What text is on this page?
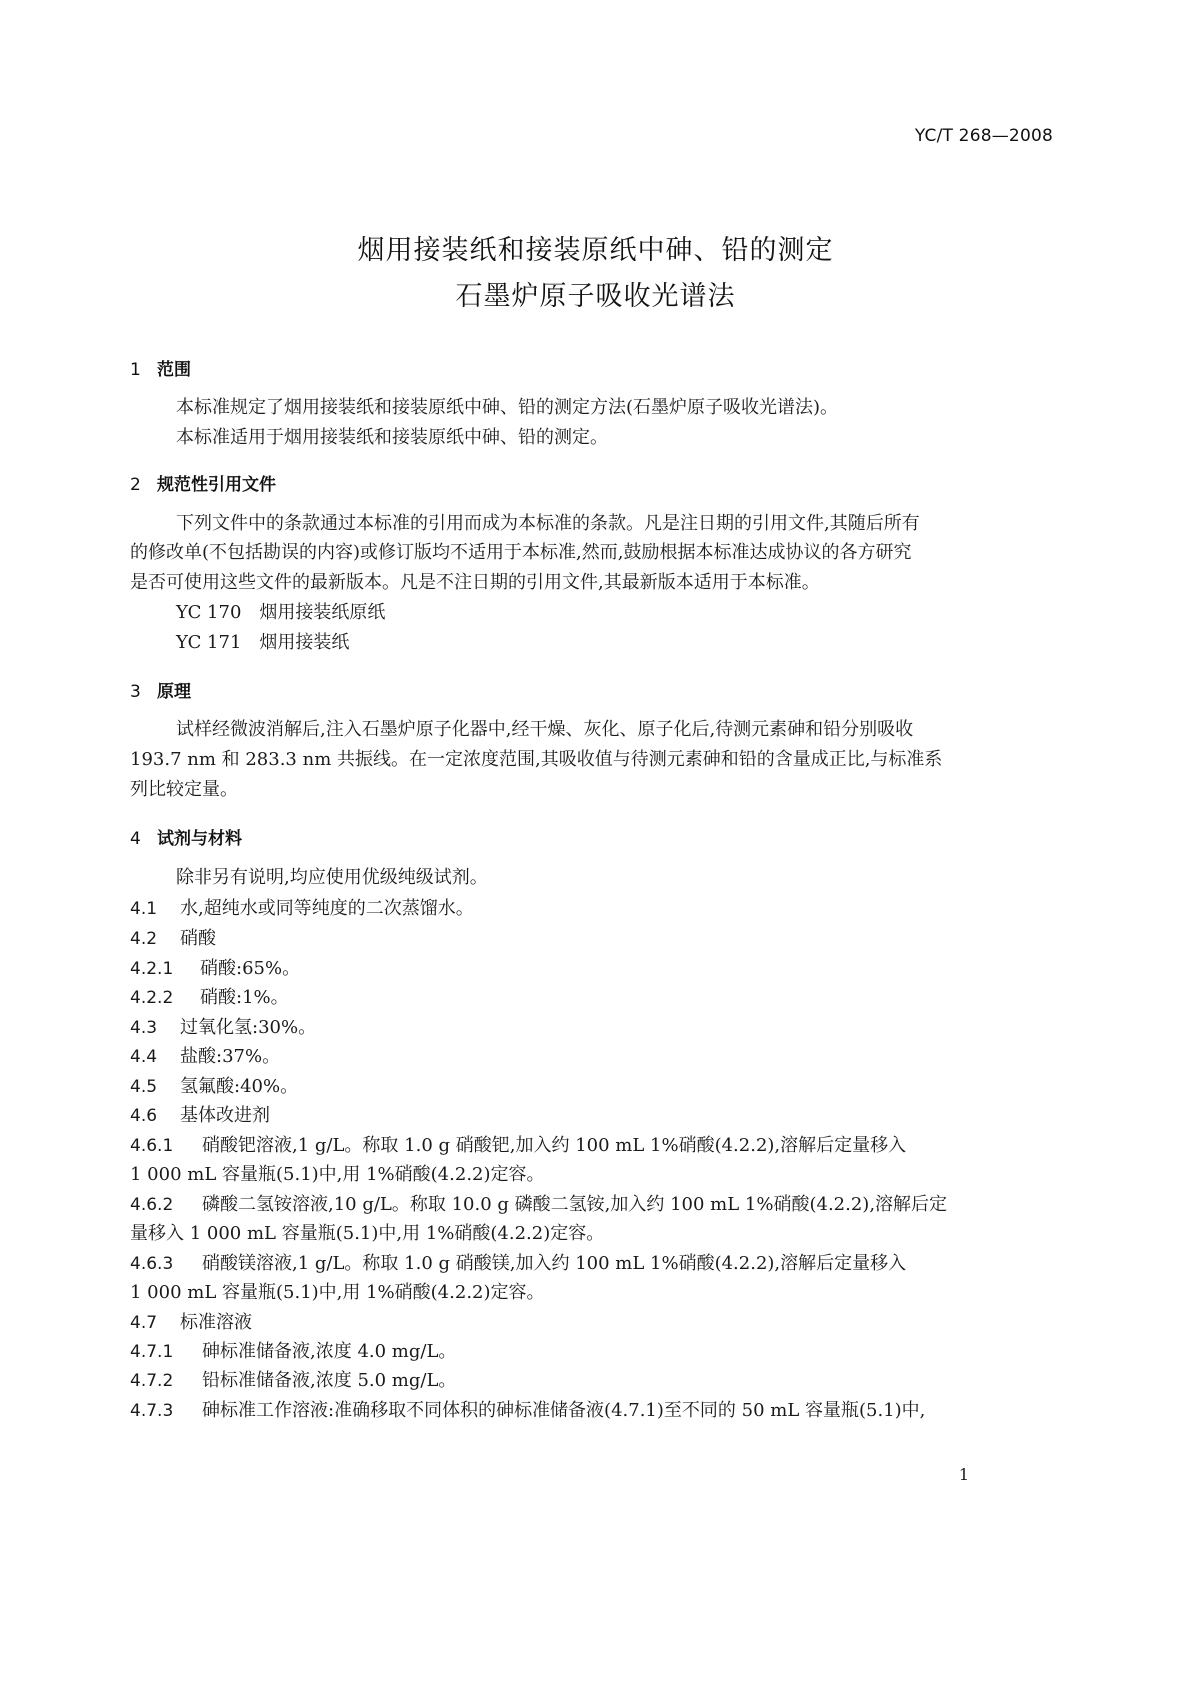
YC/T 268—2008
烟用接装纸和接装原纸中砷、铅的测定
石墨炉原子吸收光谱法
1 范围
本标准规定了烟用接装纸和接装原纸中砷、铅的测定方法(石墨炉原子吸收光谱法)。
本标准适用于烟用接装纸和接装原纸中砷、铅的测定。
2 规范性引用文件
下列文件中的条款通过本标准的引用而成为本标准的条款。凡是注日期的引用文件,其随后所有
的修改单(不包括勘误的内容)或修订版均不适用于本标准,然而,鼓励根据本标准达成协议的各方研究
是否可使用这些文件的最新版本。凡是不注日期的引用文件,其最新版本适用于本标准。
YC 170　烟用接装纸原纸
YC 171　烟用接装纸
3 原理
试样经微波消解后,注入石墨炉原子化器中,经干燥、灰化、原子化后,待测元素砷和铅分别吸收
193.7 nm 和 283.3 nm 共振线。在一定浓度范围,其吸收值与待测元素砷和铅的含量成正比,与标准系
列比较定量。
4 试剂与材料
除非另有说明,均应使用优级纯级试剂。
4.1 水,超纯水或同等纯度的二次蒸馏水。
4.2 硝酸
4.2.1 硝酸:65%。
4.2.2 硝酸:1%。
4.3 过氧化氢:30%。
4.4 盐酸:37%。
4.5 氢氟酸:40%。
4.6 基体改进剂
4.6.1 硝酸钯溶液,1 g/L。称取 1.0 g 硝酸钯,加入约 100 mL 1%硝酸(4.2.2),溶解后定量移入
1 000 mL 容量瓶(5.1)中,用 1%硝酸(4.2.2)定容。
4.6.2 磷酸二氢铵溶液,10 g/L。称取 10.0 g 磷酸二氢铵,加入约 100 mL 1%硝酸(4.2.2),溶解后定
量移入 1 000 mL 容量瓶(5.1)中,用 1%硝酸(4.2.2)定容。
4.6.3 硝酸镁溶液,1 g/L。称取 1.0 g 硝酸镁,加入约 100 mL 1%硝酸(4.2.2),溶解后定量移入
1 000 mL 容量瓶(5.1)中,用 1%硝酸(4.2.2)定容。
4.7 标准溶液
4.7.1 砷标准储备液,浓度 4.0 mg/L。
4.7.2 铅标准储备液,浓度 5.0 mg/L。
4.7.3 砷标准工作溶液:准确移取不同体积的砷标准储备液(4.7.1)至不同的 50 mL 容量瓶(5.1)中,
1
